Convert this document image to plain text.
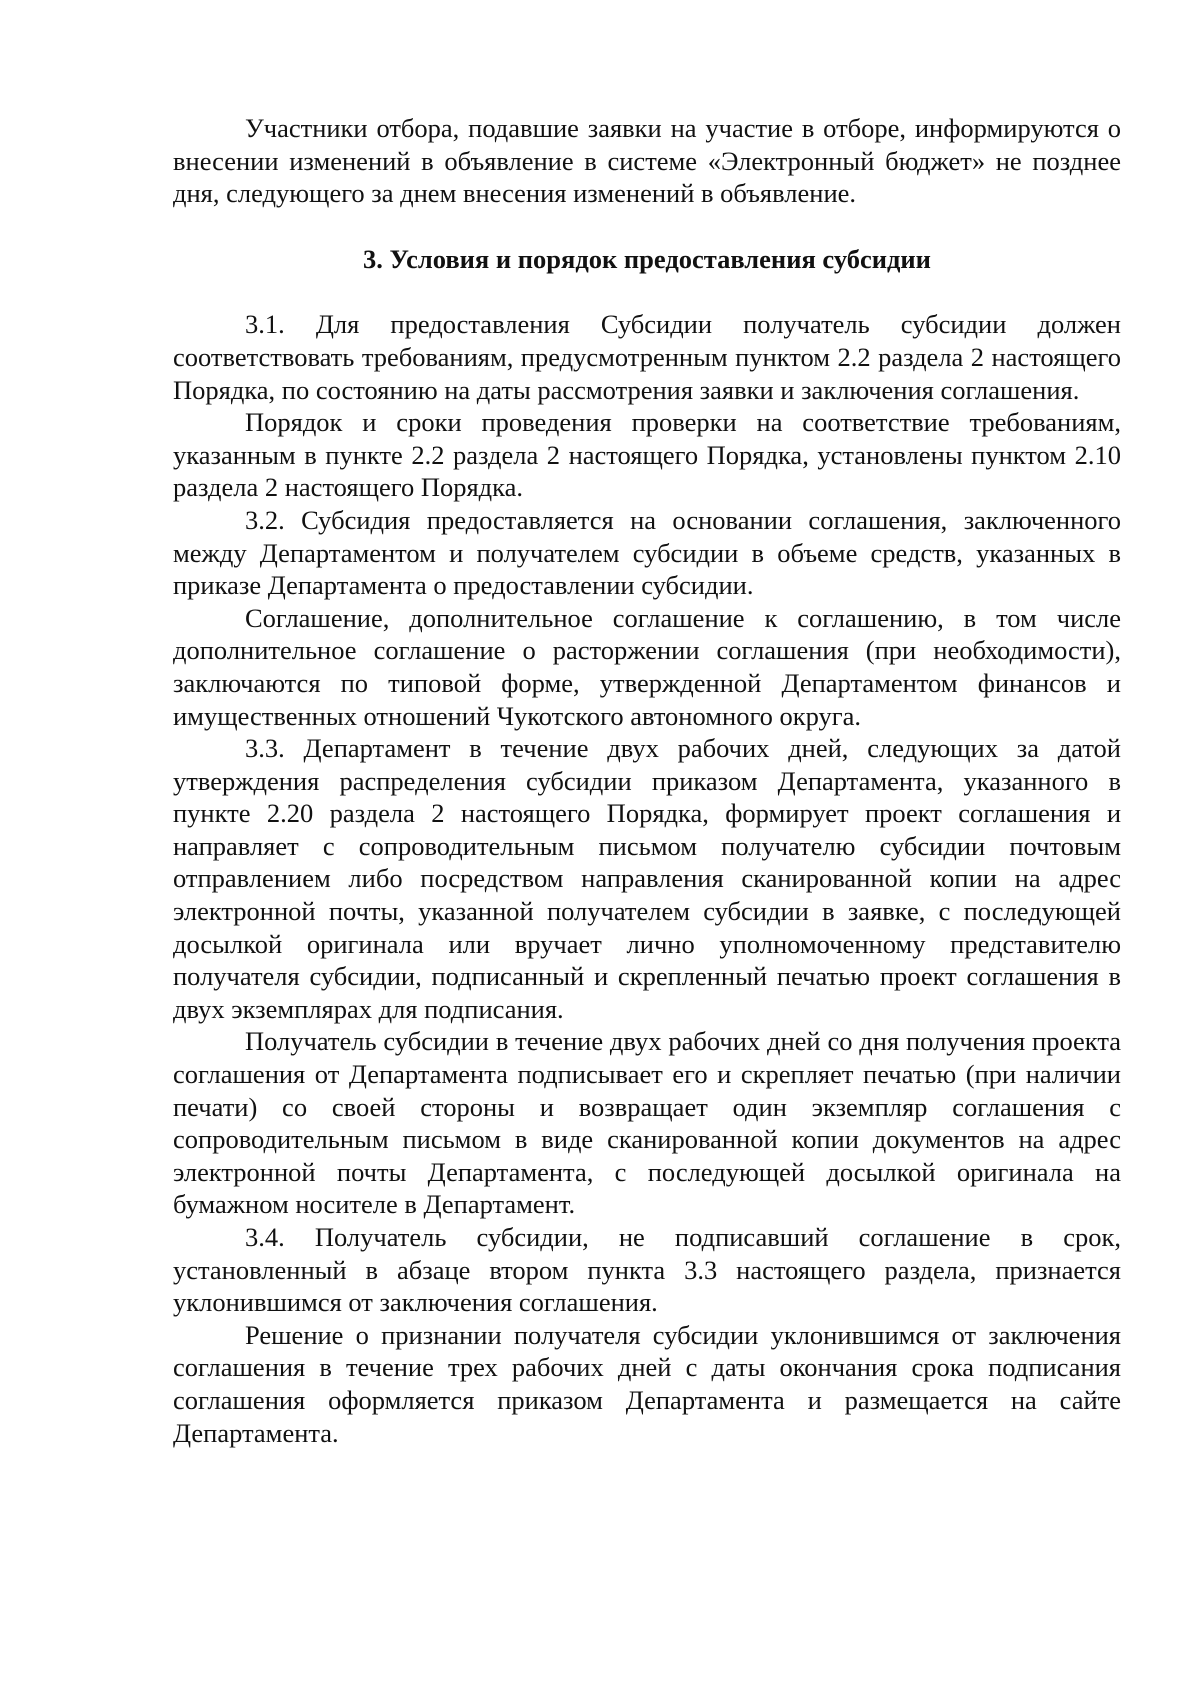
Участники отбора, подавшие заявки на участие в отборе, информируются о внесении изменений в объявление в системе «Электронный бюджет» не позднее дня, следующего за днем внесения изменений в объявление.

3. Условия и порядок предоставления субсидии

3.1. Для предоставления Субсидии получатель субсидии должен соответствовать требованиям, предусмотренным пунктом 2.2 раздела 2 настоящего Порядка, по состоянию на даты рассмотрения заявки и заключения соглашения.

Порядок и сроки проведения проверки на соответствие требованиям, указанным в пункте 2.2 раздела 2 настоящего Порядка, установлены пунктом 2.10 раздела 2 настоящего Порядка.

3.2. Субсидия предоставляется на основании соглашения, заключенного между Департаментом и получателем субсидии в объеме средств, указанных в приказе Департамента о предоставлении субсидии.

Соглашение, дополнительное соглашение к соглашению, в том числе дополнительное соглашение о расторжении соглашения (при необходимости), заключаются по типовой форме, утвержденной Департаментом финансов и имущественных отношений Чукотского автономного округа.

3.3. Департамент в течение двух рабочих дней, следующих за датой утверждения распределения субсидии приказом Департамента, указанного в пункте 2.20 раздела 2 настоящего Порядка, формирует проект соглашения и направляет с сопроводительным письмом получателю субсидии почтовым отправлением либо посредством направления сканированной копии на адрес электронной почты, указанной получателем субсидии в заявке, с последующей досылкой оригинала или вручает лично уполномоченному представителю получателя субсидии, подписанный и скрепленный печатью проект соглашения в двух экземплярах для подписания.

Получатель субсидии в течение двух рабочих дней со дня получения проекта соглашения от Департамента подписывает его и скрепляет печатью (при наличии печати) со своей стороны и возвращает один экземпляр соглашения с сопроводительным письмом в виде сканированной копии документов на адрес электронной почты Департамента, с последующей досылкой оригинала на бумажном носителе в Департамент.

3.4. Получатель субсидии, не подписавший соглашение в срок, установленный в абзаце втором пункта 3.3 настоящего раздела, признается уклонившимся от заключения соглашения.

Решение о признании получателя субсидии уклонившимся от заключения соглашения в течение трех рабочих дней с даты окончания срока подписания соглашения оформляется приказом Департамента и размещается на сайте Департамента.
